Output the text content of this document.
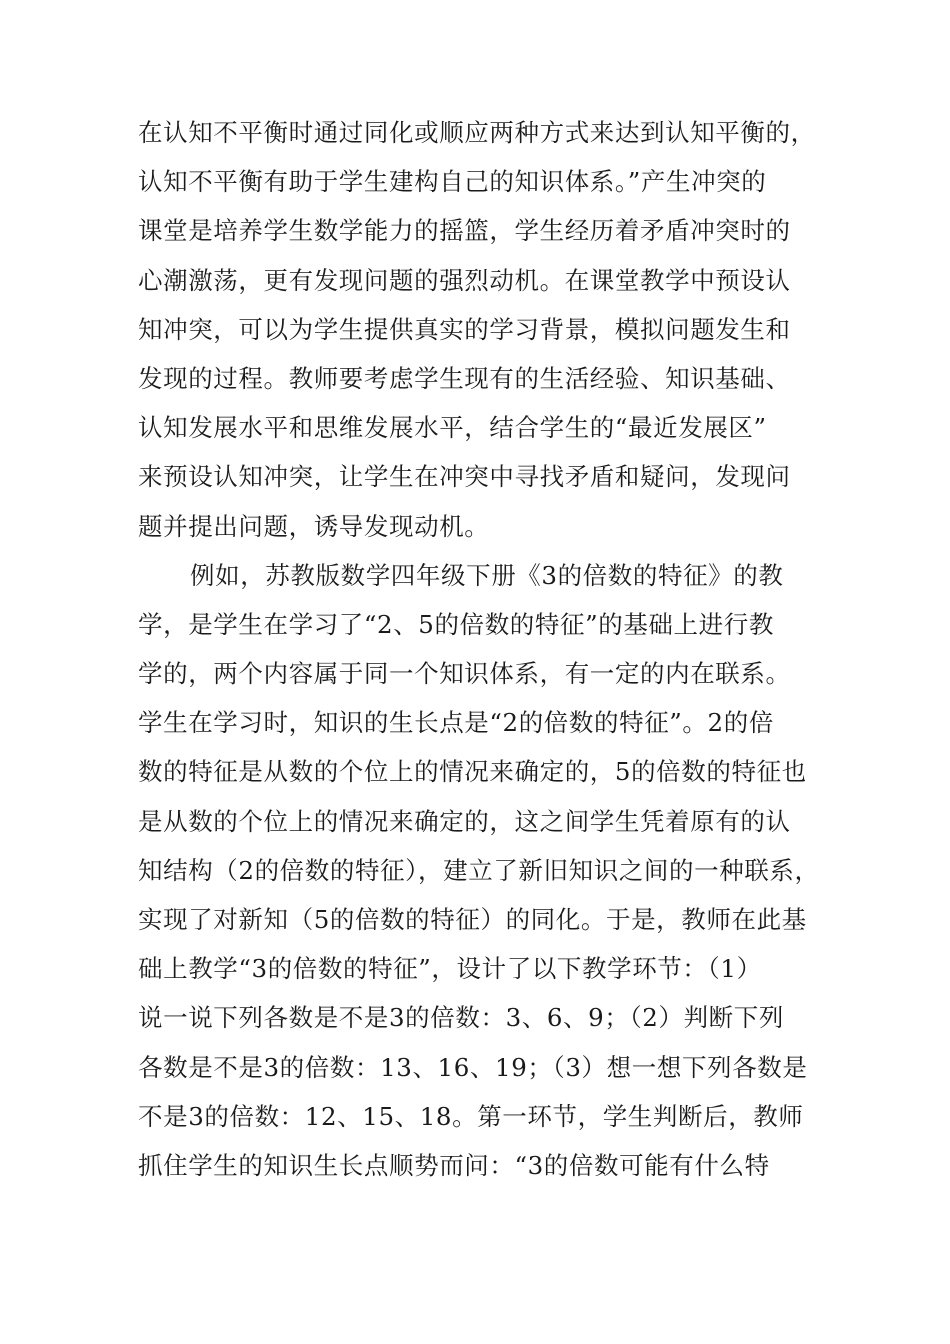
在认知不平衡时通过同化或顺应两种方式来达到认知平衡的，
认知不平衡有助于学生建构自己的知识体系。”产生冲突的
课堂是培养学生数学能力的摇篮，学生经历着矛盾冲突时的
心潮激荡，更有发现问题的强烈动机。在课堂教学中预设认
知冲突，可以为学生提供真实的学习背景，模拟问题发生和
发现的过程。教师要考虑学生现有的生活经验、知识基础、
认知发展水平和思维发展水平，结合学生的“最近发展区”
来预设认知冲突，让学生在冲突中寻找矛盾和疑问，发现问
题并提出问题，诱导发现动机。
例如，苏教版数学四年级下册《3的倍数的特征》的教
学，是学生在学习了“2、5的倍数的特征”的基础上进行教
学的，两个内容属于同一个知识体系，有一定的内在联系。
学生在学习时，知识的生长点是“2的倍数的特征”。2的倍
数的特征是从数的个位上的情况来确定的，5的倍数的特征也
是从数的个位上的情况来确定的，这之间学生凭着原有的认
知结构（2的倍数的特征），建立了新旧知识之间的一种联系，
实现了对新知（5的倍数的特征）的同化。于是，教师在此基
础上教学“3的倍数的特征”，设计了以下教学环节：（1）
说一说下列各数是不是3的倍数：3、6、9；（2）判断下列
各数是不是3的倍数：13、16、19；（3）想一想下列各数是
不是3的倍数：12、15、18。第一环节，学生判断后，教师
抓住学生的知识生长点顺势而问：“3的倍数可能有什么特
